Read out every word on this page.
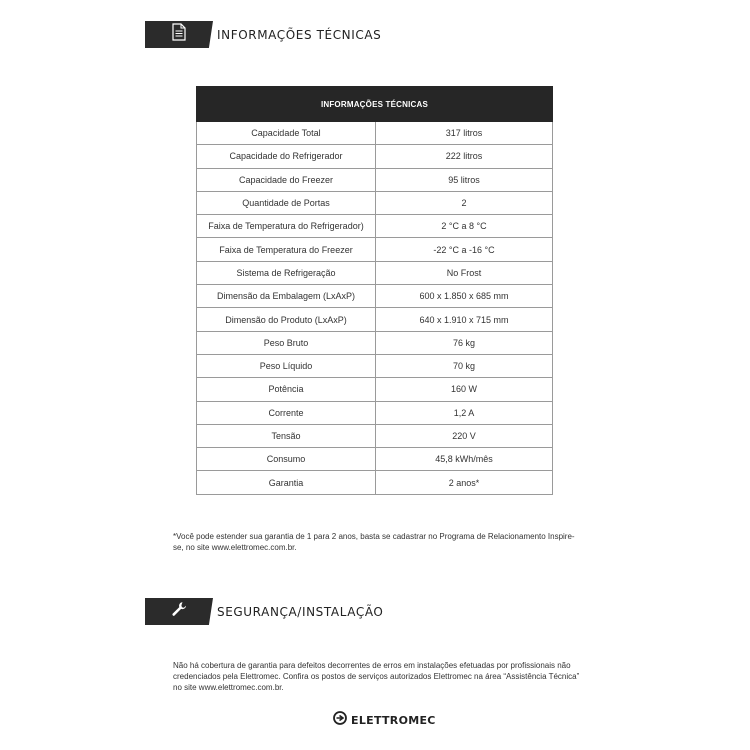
INFORMAÇÕES TÉCNICAS
INFORMAÇÕES TÉCNICAS	
Capacidade Total	317 litros
Capacidade do Refrigerador	222 litros
Capacidade do Freezer	95 litros
Quantidade de Portas	2
Faixa de Temperatura do Refrigerador)	2 °C a 8 °C
Faixa de Temperatura do Freezer	-22 °C a -16 °C
Sistema de Refrigeração	No Frost
Dimensão da Embalagem (LxAxP)	600 x 1.850 x 685 mm
Dimensão do Produto (LxAxP)	640 x 1.910 x 715 mm
Peso Bruto	76 kg
Peso Líquido	70 kg
Potência	160 W
Corrente	1,2 A
Tensão	220 V
Consumo	45,8 kWh/mês
Garantia	2 anos*
*Você pode estender sua garantia de 1 para 2 anos, basta se cadastrar no Programa de Relacionamento Inspire-se, no site www.elettromec.com.br.
SEGURANÇA/INSTALAÇÃO
Não há cobertura de garantia para defeitos decorrentes de erros em instalações efetuadas por profissionais não credenciados pela Elettromec. Confira os postos de serviços autorizados Elettromec na área “Assistência Técnica” no site www.elettromec.com.br.
ELETTROMEC
